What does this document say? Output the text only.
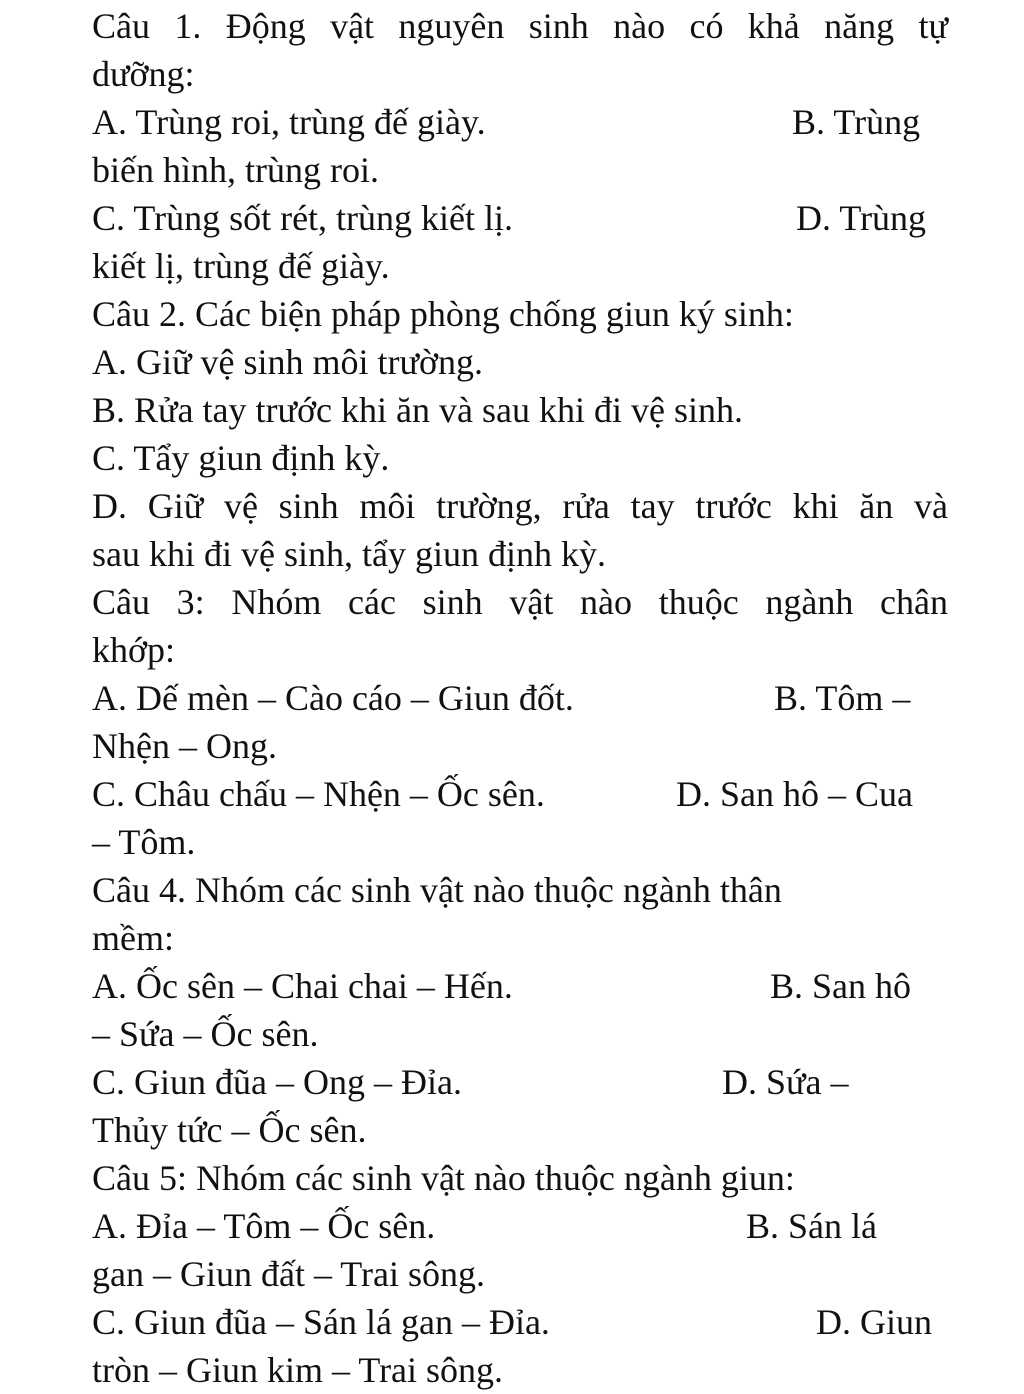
Câu 1. Động vật nguyên sinh nào có khả năng tự
dưỡng:
A. Trùng roi, trùng đế giày.	B. Trùng
biến hình, trùng roi.
C. Trùng sốt rét, trùng kiết lị.	D. Trùng
kiết lị, trùng đế giày.
Câu 2. Các biện pháp phòng chống giun ký sinh:
A. Giữ vệ sinh môi trường.
B. Rửa tay trước khi ăn và sau khi đi vệ sinh.
C. Tẩy giun định kỳ.
D. Giữ vệ sinh môi trường, rửa tay trước khi ăn và
sau khi đi vệ sinh, tẩy giun định kỳ.
Câu 3: Nhóm các sinh vật nào thuộc ngành chân
khớp:
A. Dế mèn – Cào cáo – Giun đốt.	B. Tôm –
Nhện – Ong.
C. Châu chấu – Nhện – Ốc sên.	D. San hô – Cua
– Tôm.
Câu 4. Nhóm các sinh vật nào thuộc ngành thân
mềm:
A. Ốc sên – Chai chai – Hến.	B. San hô
– Sứa – Ốc sên.
C. Giun đũa – Ong – Đỉa.	D. Sứa –
Thủy tức – Ốc sên.
Câu 5: Nhóm các sinh vật nào thuộc ngành giun:
A. Đỉa – Tôm – Ốc sên.	B. Sán lá
gan – Giun đất – Trai sông.
C. Giun đũa – Sán lá gan – Đỉa.	D. Giun
tròn – Giun kim – Trai sông.
